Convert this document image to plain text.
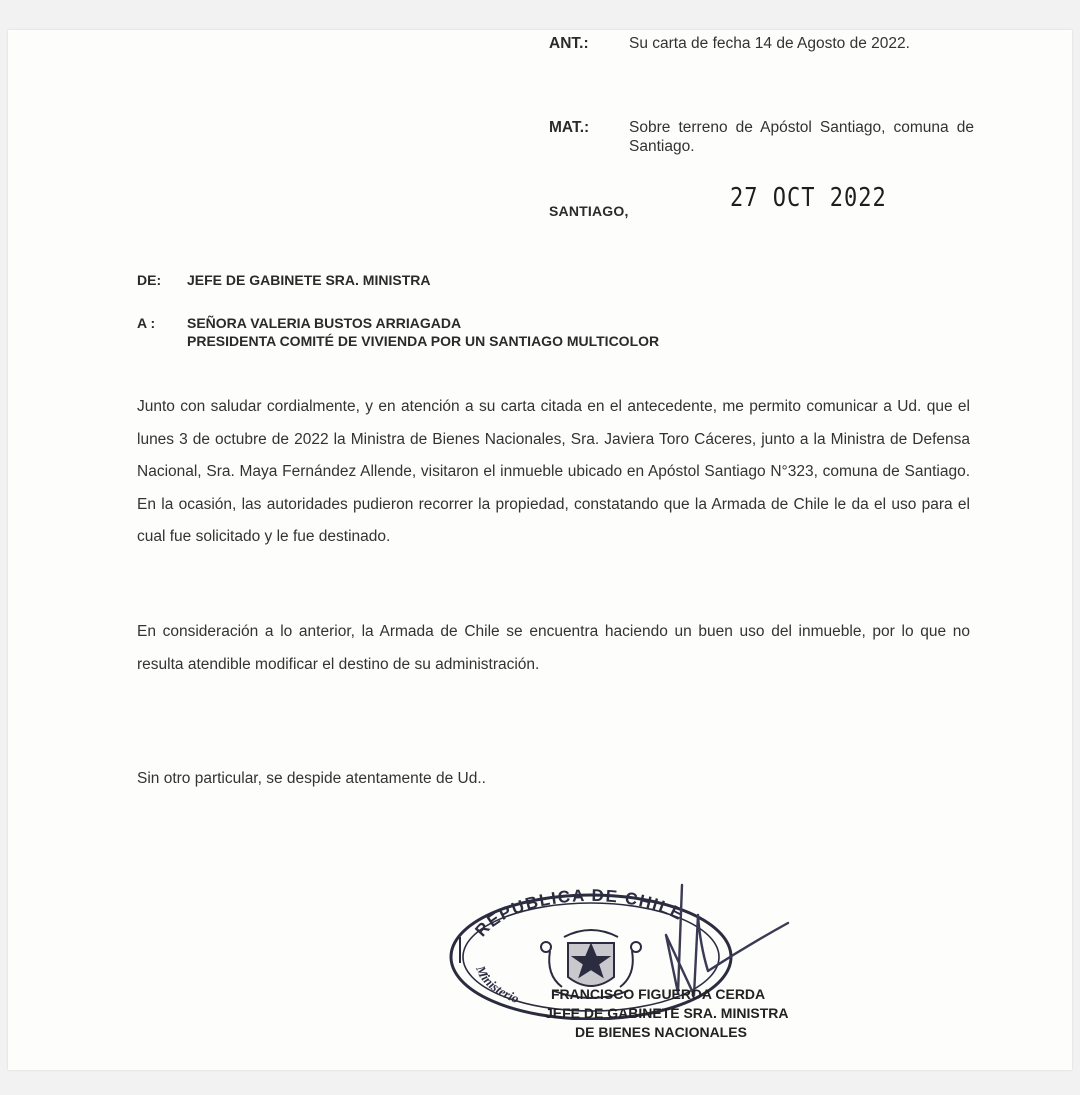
ANT.:	Su carta de fecha 14 de Agosto de 2022.
MAT.:	Sobre terreno de Apóstol Santiago, comuna de Santiago.
SANTIAGO,	27 OCT 2022
DE:	JEFE DE GABINETE SRA. MINISTRA
A :	SEÑORA VALERIA BUSTOS ARRIAGADA
PRESIDENTA COMITÉ DE VIVIENDA POR UN SANTIAGO MULTICOLOR
Junto con saludar cordialmente, y en atención a su carta citada en el antecedente, me permito comunicar a Ud. que el lunes 3 de octubre de 2022 la Ministra de Bienes Nacionales, Sra. Javiera Toro Cáceres, junto a la Ministra de Defensa Nacional, Sra. Maya Fernández Allende, visitaron el inmueble ubicado en Apóstol Santiago N°323, comuna de Santiago. En la ocasión, las autoridades pudieron recorrer la propiedad, constatando que la Armada de Chile le da el uso para el cual fue solicitado y le fue destinado.
En consideración a lo anterior, la Armada de Chile se encuentra haciendo un buen uso del inmueble, por lo que no resulta atendible modificar el destino de su administración.
Sin otro particular, se despide atentamente de Ud..
REPUBLICA DE CHILE
Ministerio FRANCISCO FIGUEROA CERDA
JEFE DE GABINETE SRA. MINISTRA
DE BIENES NACIONALES
